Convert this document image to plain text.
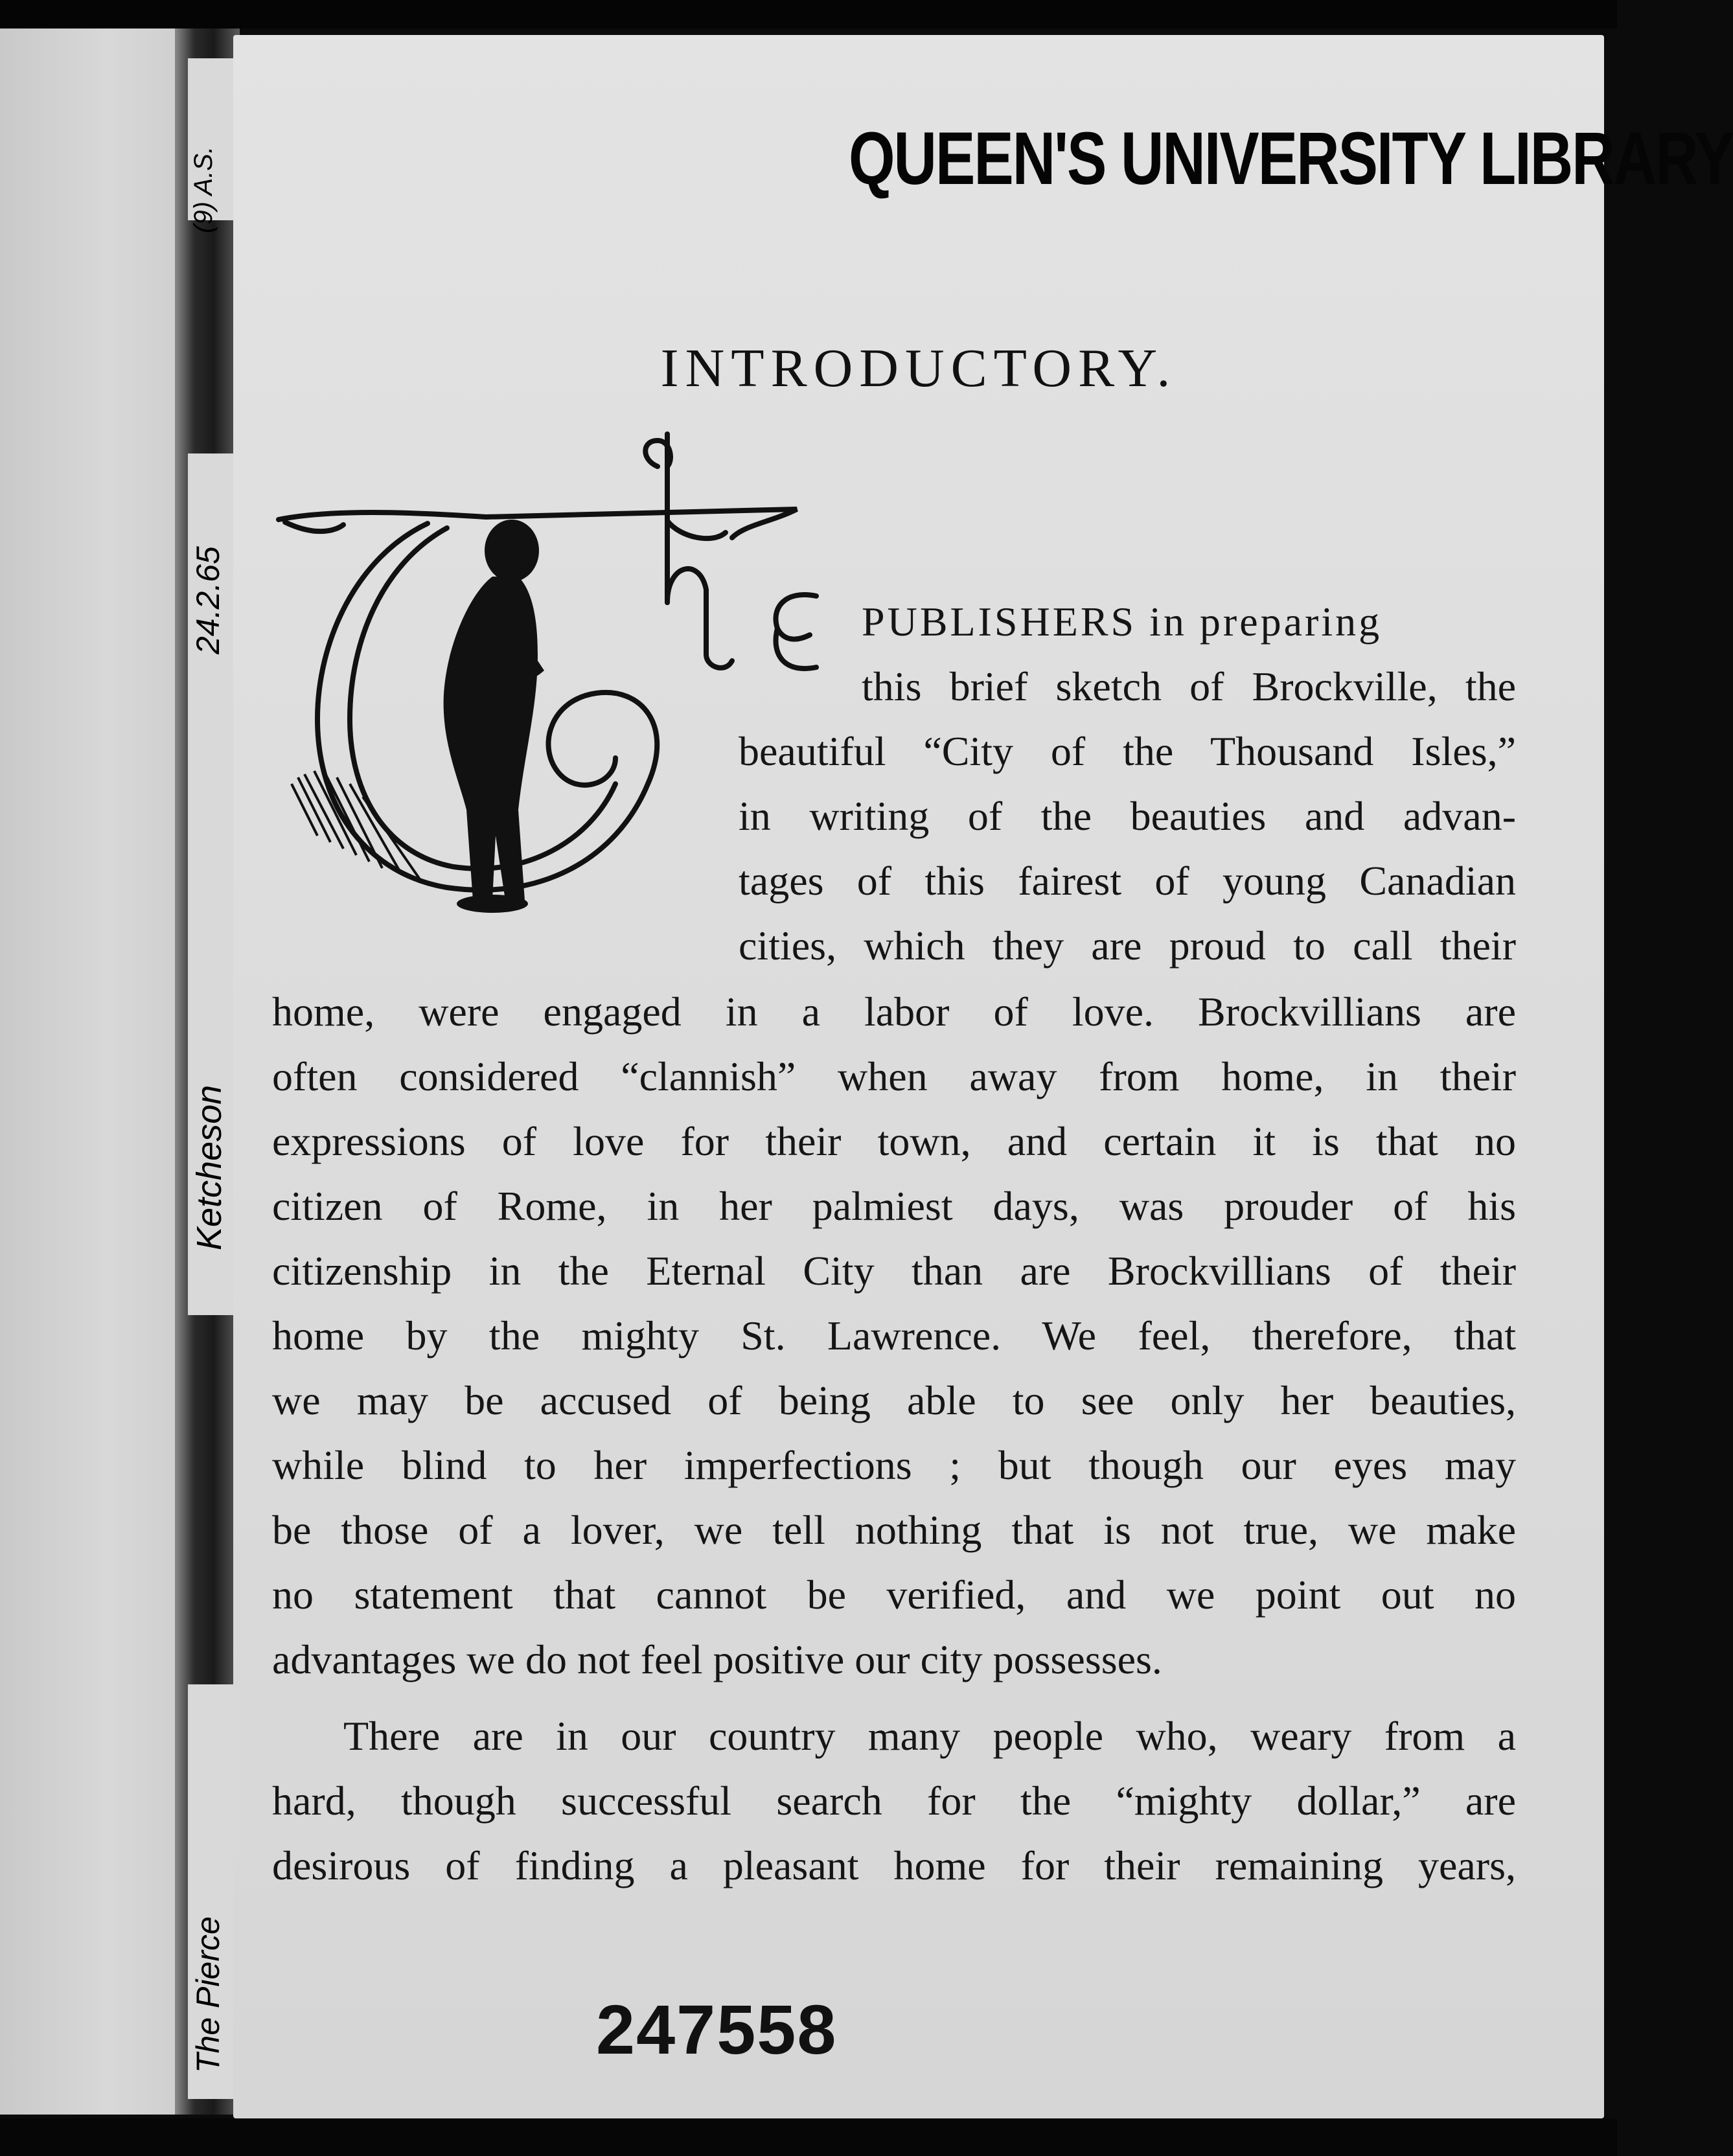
(9) A.S.
24.2.65
Ketcheson
The Pierce
QUEEN'S UNIVERSITY LIBRARY
INTRODUCTORY.
PUBLISHERS in preparing
this brief sketch of Brockville, the
beautiful “City of the Thousand Isles,”
in writing of the beauties and advan-
tages of this fairest of young Canadian
cities, which they are proud to call their
home, were engaged in a labor of love. Brockvillians are
often considered “clannish” when away from home, in their
expressions of love for their town, and certain it is that no
citizen of Rome, in her palmiest days, was prouder of his
citizenship in the Eternal City than are Brockvillians of their
home by the mighty St. Lawrence. We feel, therefore, that
we may be accused of being able to see only her beauties,
while blind to her imperfections ; but though our eyes may
be those of a lover, we tell nothing that is not true, we make
no statement that cannot be verified, and we point out no
advantages we do not feel positive our city possesses.
There are in our country many people who, weary from a
hard, though successful search for the “mighty dollar,” are
desirous of finding a pleasant home for their remaining years,
247558
